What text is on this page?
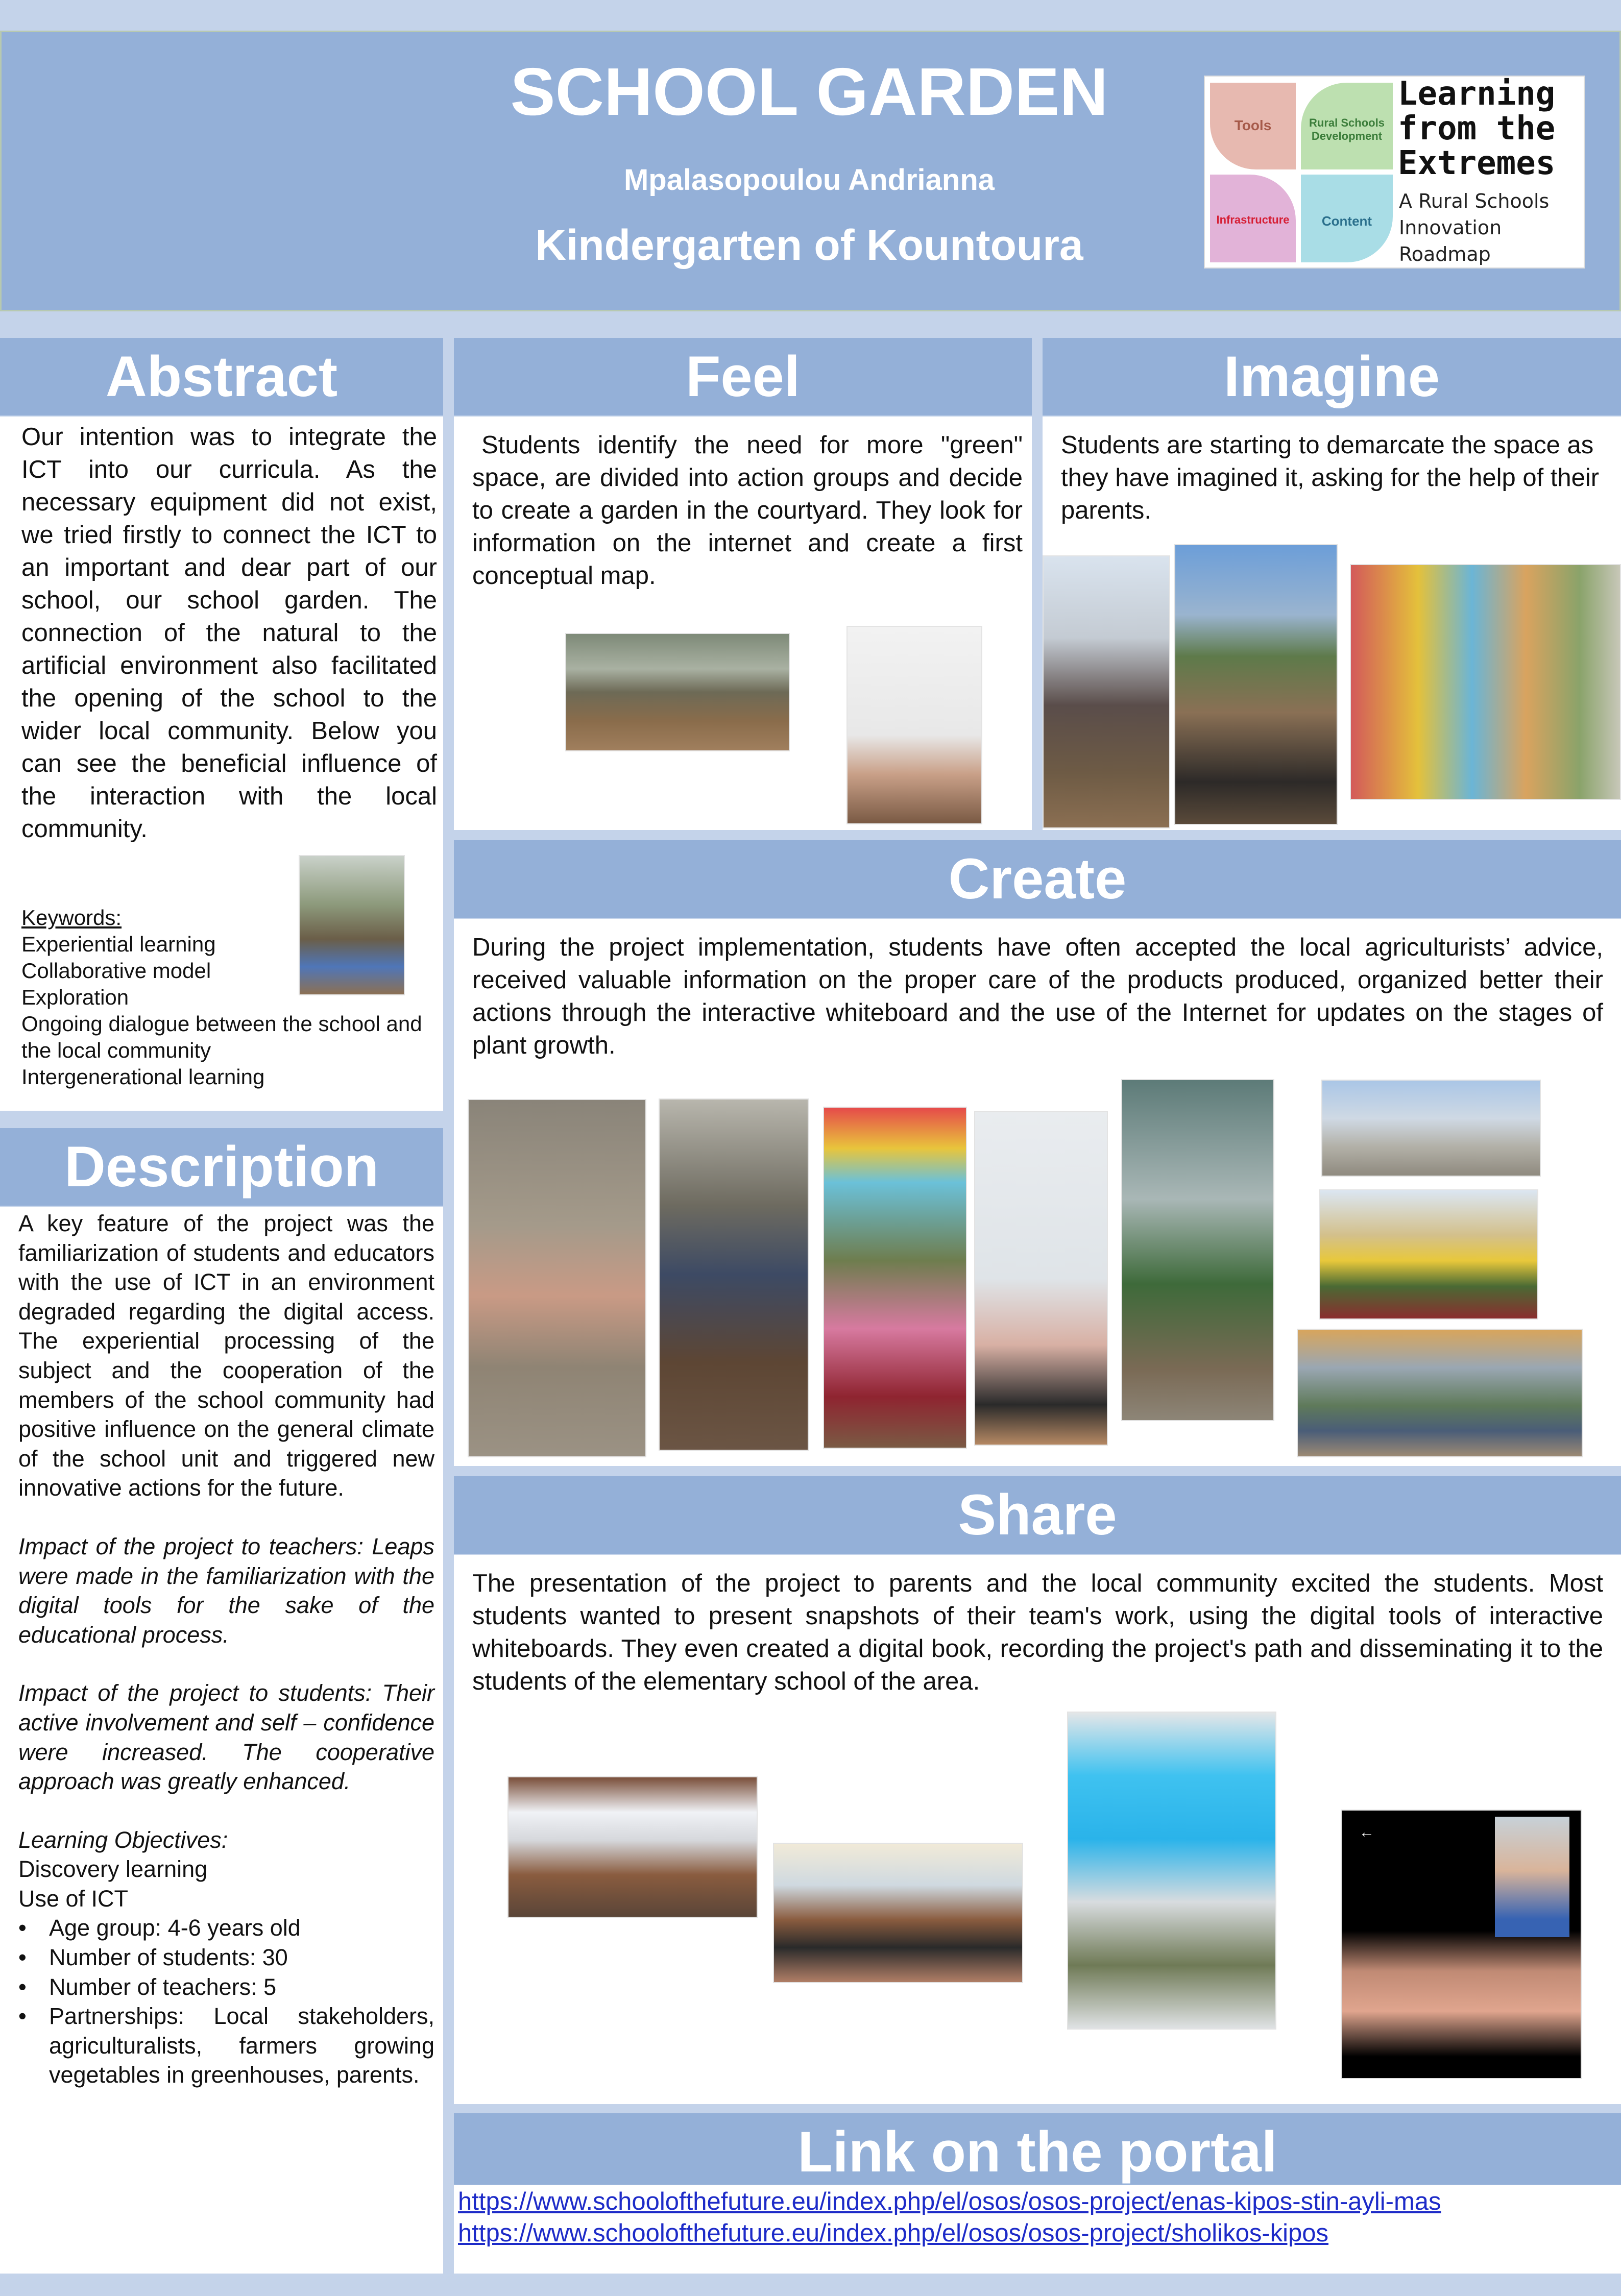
SCHOOL GARDEN
Mpalasopoulou Andrianna
Kindergarten of Kountoura
Tools	Rural Schools Development
Infrastructure	Content
Learning
from the
Extremes
A Rural Schools
Innovation
Roadmap
Abstract
Our intention was to integrate the ICT into our curricula. As the necessary equipment did not exist, we tried firstly to connect the ICT to an important and dear part of our school, our school garden. The connection of the natural to the artificial environment also facilitated the opening of the school to the wider local community. Below you can see the beneficial influence of the interaction with the local community.
Keywords:
Experiential learning
Collaborative model
Exploration
Ongoing dialogue between the school and the local community
Intergenerational learning
Description
A key feature of the project was the familiarization of students and educators with the use of ICT in an environment degraded regarding the digital access. The experiential processing of the subject and the cooperation of the members of the school community had positive influence on the general climate of the school unit and triggered new innovative actions for the future.
Impact of the project to teachers: Leaps were made in the familiarization with the digital tools for the sake of the educational process.
Impact of the project to students: Their active involvement and self – confidence were increased. The cooperative approach was greatly enhanced.
Learning Objectives:
Discovery learning
Use of ICT
• Age group: 4-6 years old
• Number of students: 30
• Number of teachers: 5
• Partnerships: Local stakeholders, agriculturalists, farmers growing vegetables in greenhouses, parents.
Feel
Students identify the need for more "green" space, are divided into action groups and decide to create a garden in the courtyard. They look for information on the internet and create a first conceptual map.
Imagine
Students are starting to demarcate the space as they have imagined it, asking for the help of their parents.
Create
During the project implementation, students have often accepted the local agriculturists’ advice, received valuable information on the proper care of the products produced, organized better their actions through the interactive whiteboard and the use of the Internet for updates on the stages of plant growth.
Share
The presentation of the project to parents and the local community excited the students. Most students wanted to present snapshots of their team's work, using the digital tools of interactive whiteboards. They even created a digital book, recording the project's path and disseminating it to the students of the elementary school of the area.
←
Link on the portal
https://www.schoolofthefuture.eu/index.php/el/osos/osos-project/enas-kipos-stin-ayli-mas
https://www.schoolofthefuture.eu/index.php/el/osos/osos-project/sholikos-kipos
